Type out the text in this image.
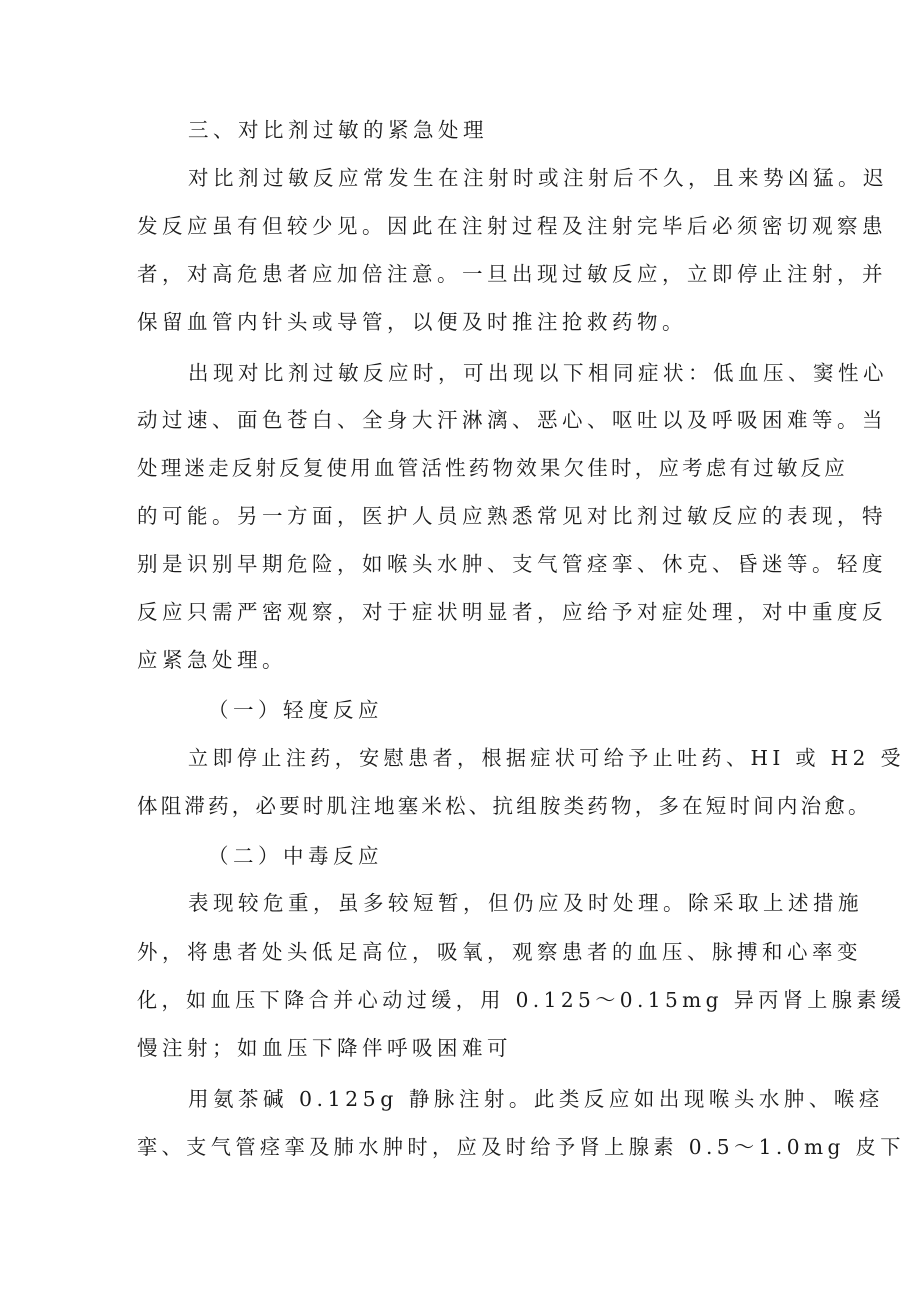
三、对比剂过敏的紧急处理
对比剂过敏反应常发生在注射时或注射后不久，且来势凶猛。迟
发反应虽有但较少见。因此在注射过程及注射完毕后必须密切观察患
者，对高危患者应加倍注意。一旦出现过敏反应，立即停止注射，并
保留血管内针头或导管，以便及时推注抢救药物。
出现对比剂过敏反应时，可出现以下相同症状：低血压、窦性心
动过速、面色苍白、全身大汗淋漓、恶心、呕吐以及呼吸困难等。当
处理迷走反射反复使用血管活性药物效果欠佳时，应考虑有过敏反应
的可能。另一方面，医护人员应熟悉常见对比剂过敏反应的表现，特
别是识别早期危险，如喉头水肿、支气管痉挛、休克、昏迷等。轻度
反应只需严密观察，对于症状明显者，应给予对症处理，对中重度反
应紧急处理。
（一）轻度反应
立即停止注药，安慰患者，根据症状可给予止吐药、HI 或 H2 受
体阻滞药，必要时肌注地塞米松、抗组胺类药物，多在短时间内治愈。
（二）中毒反应
表现较危重，虽多较短暂，但仍应及时处理。除采取上述措施
外，将患者处头低足高位，吸氧，观察患者的血压、脉搏和心率变
化，如血压下降合并心动过缓，用 0.125～0.15mg 异丙肾上腺素缓
慢注射；如血压下降伴呼吸困难可
用氨茶碱 0.125g 静脉注射。此类反应如出现喉头水肿、喉痉
挛、支气管痉挛及肺水肿时，应及时给予肾上腺素 0.5～1.0mg 皮下
